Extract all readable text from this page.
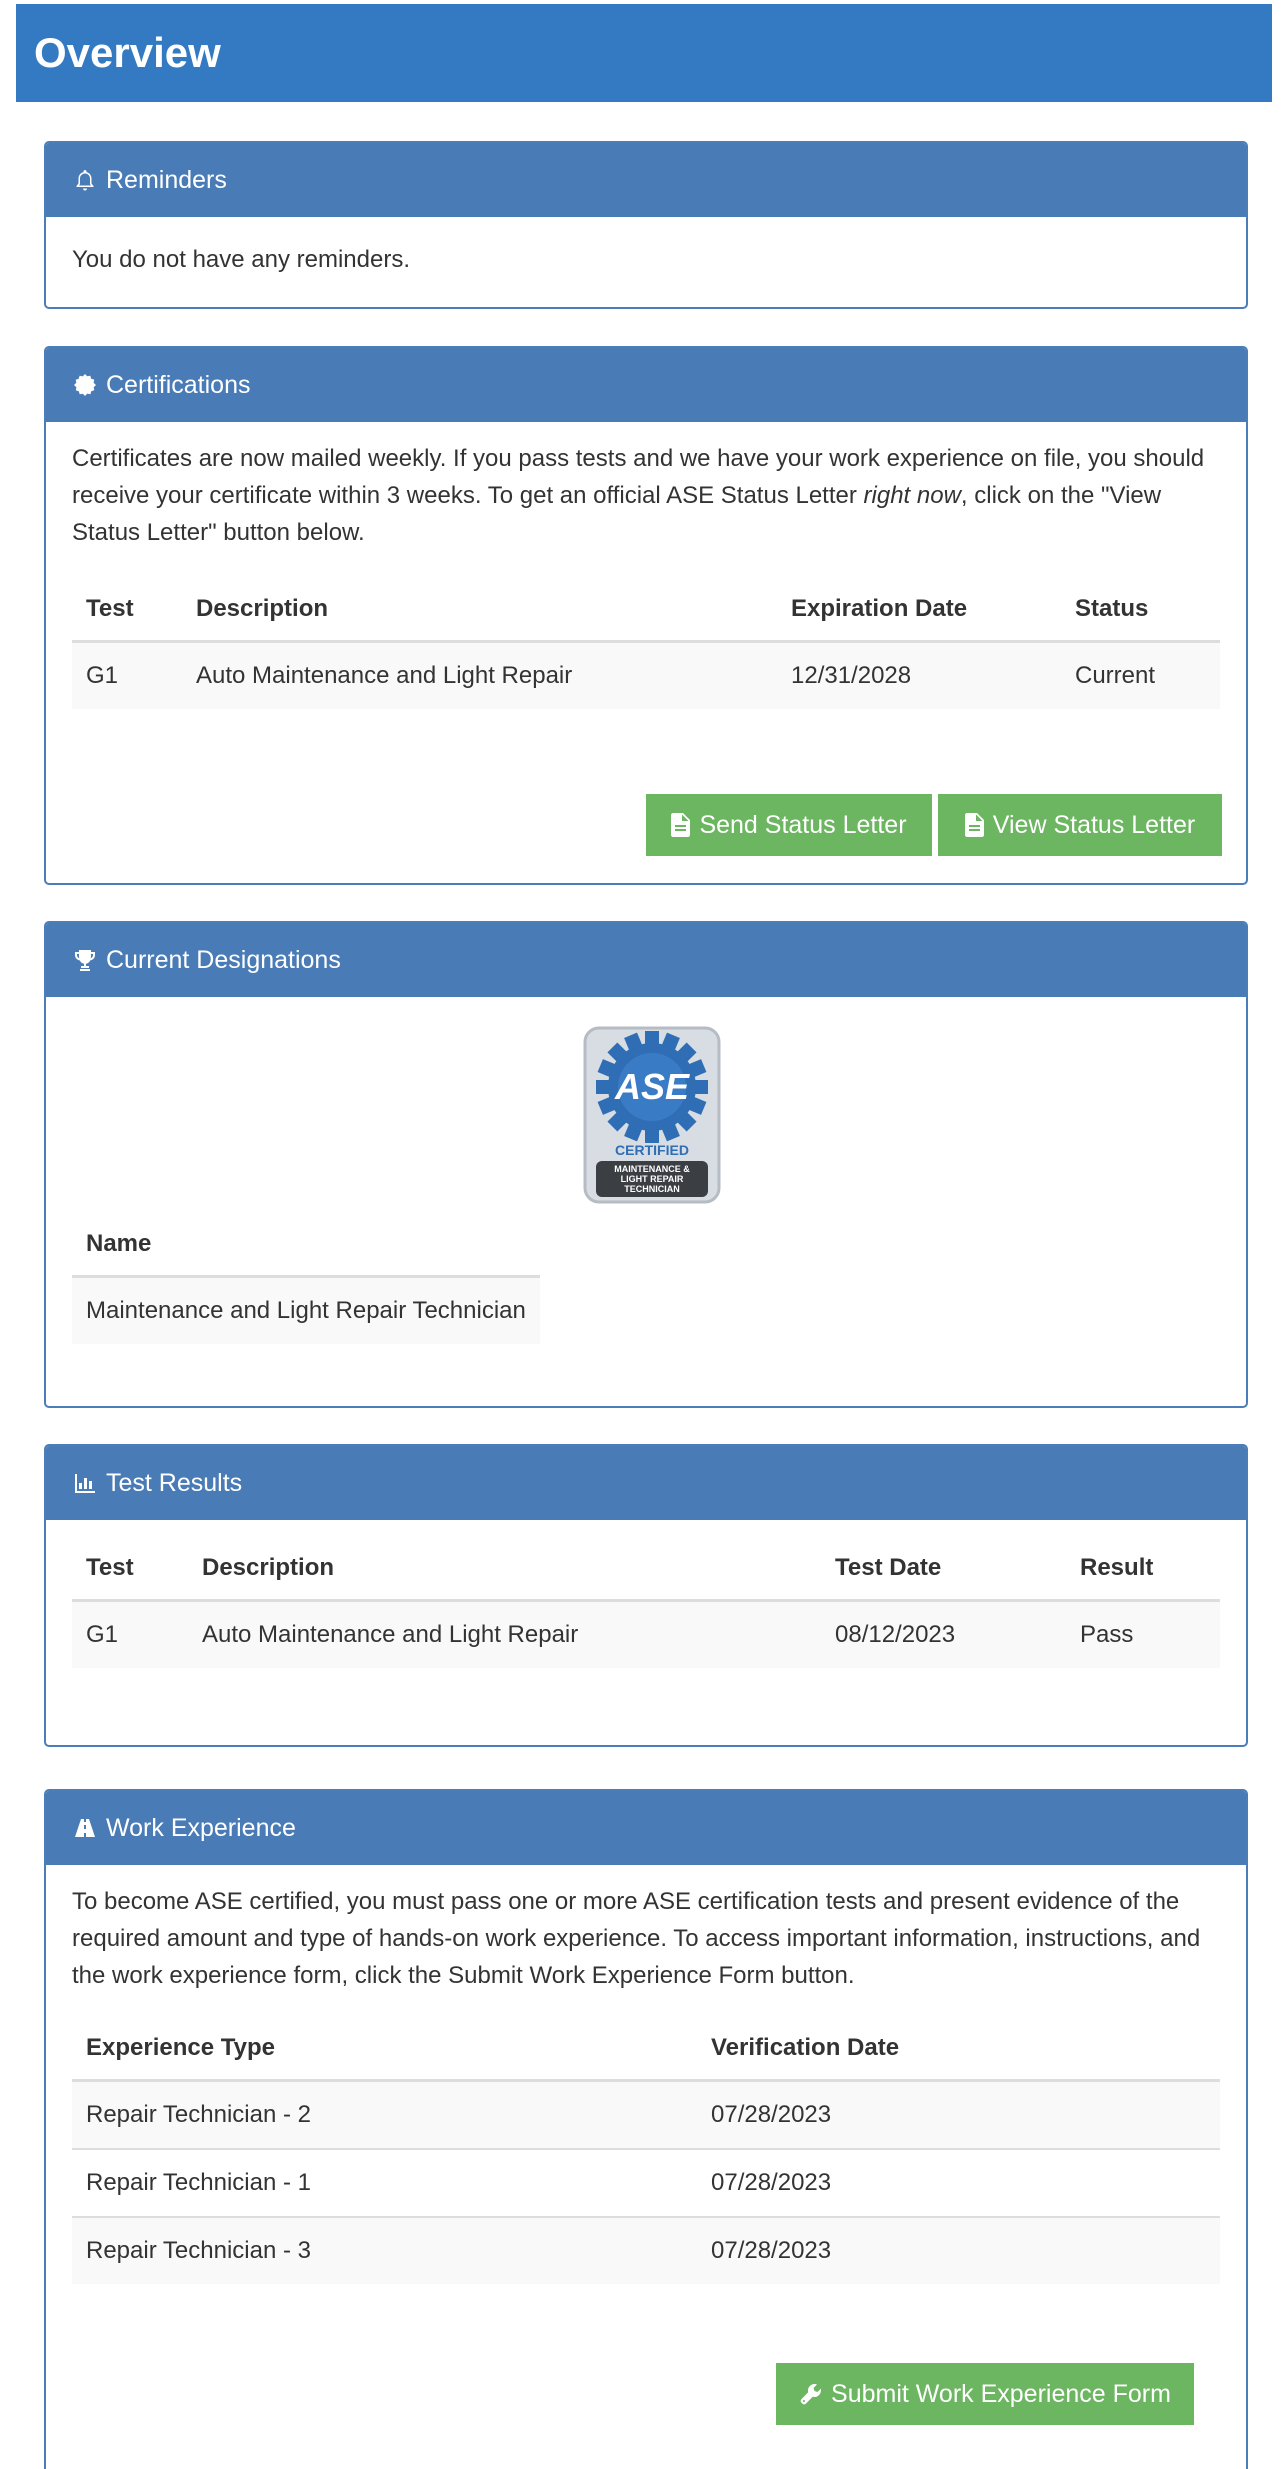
Overview
Reminders

You do not have any reminders.

Certifications

Certificates are now mailed weekly. If you pass tests and we have your work experience on file, you should receive your certificate within 3 weeks. To get an official ASE Status Letter right now, click on the "View Status Letter" button below.

Test	Description	Expiration Date	Status
G1	Auto Maintenance and Light Repair	12/31/2028	Current
Send Status Letter	View Status Letter
Current Designations
ASE
CERTIFIED
MAINTENANCE &
LIGHT REPAIR
TECHNICIAN
Name
Maintenance and Light Repair Technician
Test Results
Test	Description	Test Date	Result
G1	Auto Maintenance and Light Repair	08/12/2023	Pass
Work Experience

To become ASE certified, you must pass one or more ASE certification tests and present evidence of the required amount and type of hands-on work experience. To access important information, instructions, and the work experience form, click the Submit Work Experience Form button.

Experience Type	Verification Date
Repair Technician - 2	07/28/2023
Repair Technician - 1	07/28/2023
Repair Technician - 3	07/28/2023
Submit Work Experience Form
